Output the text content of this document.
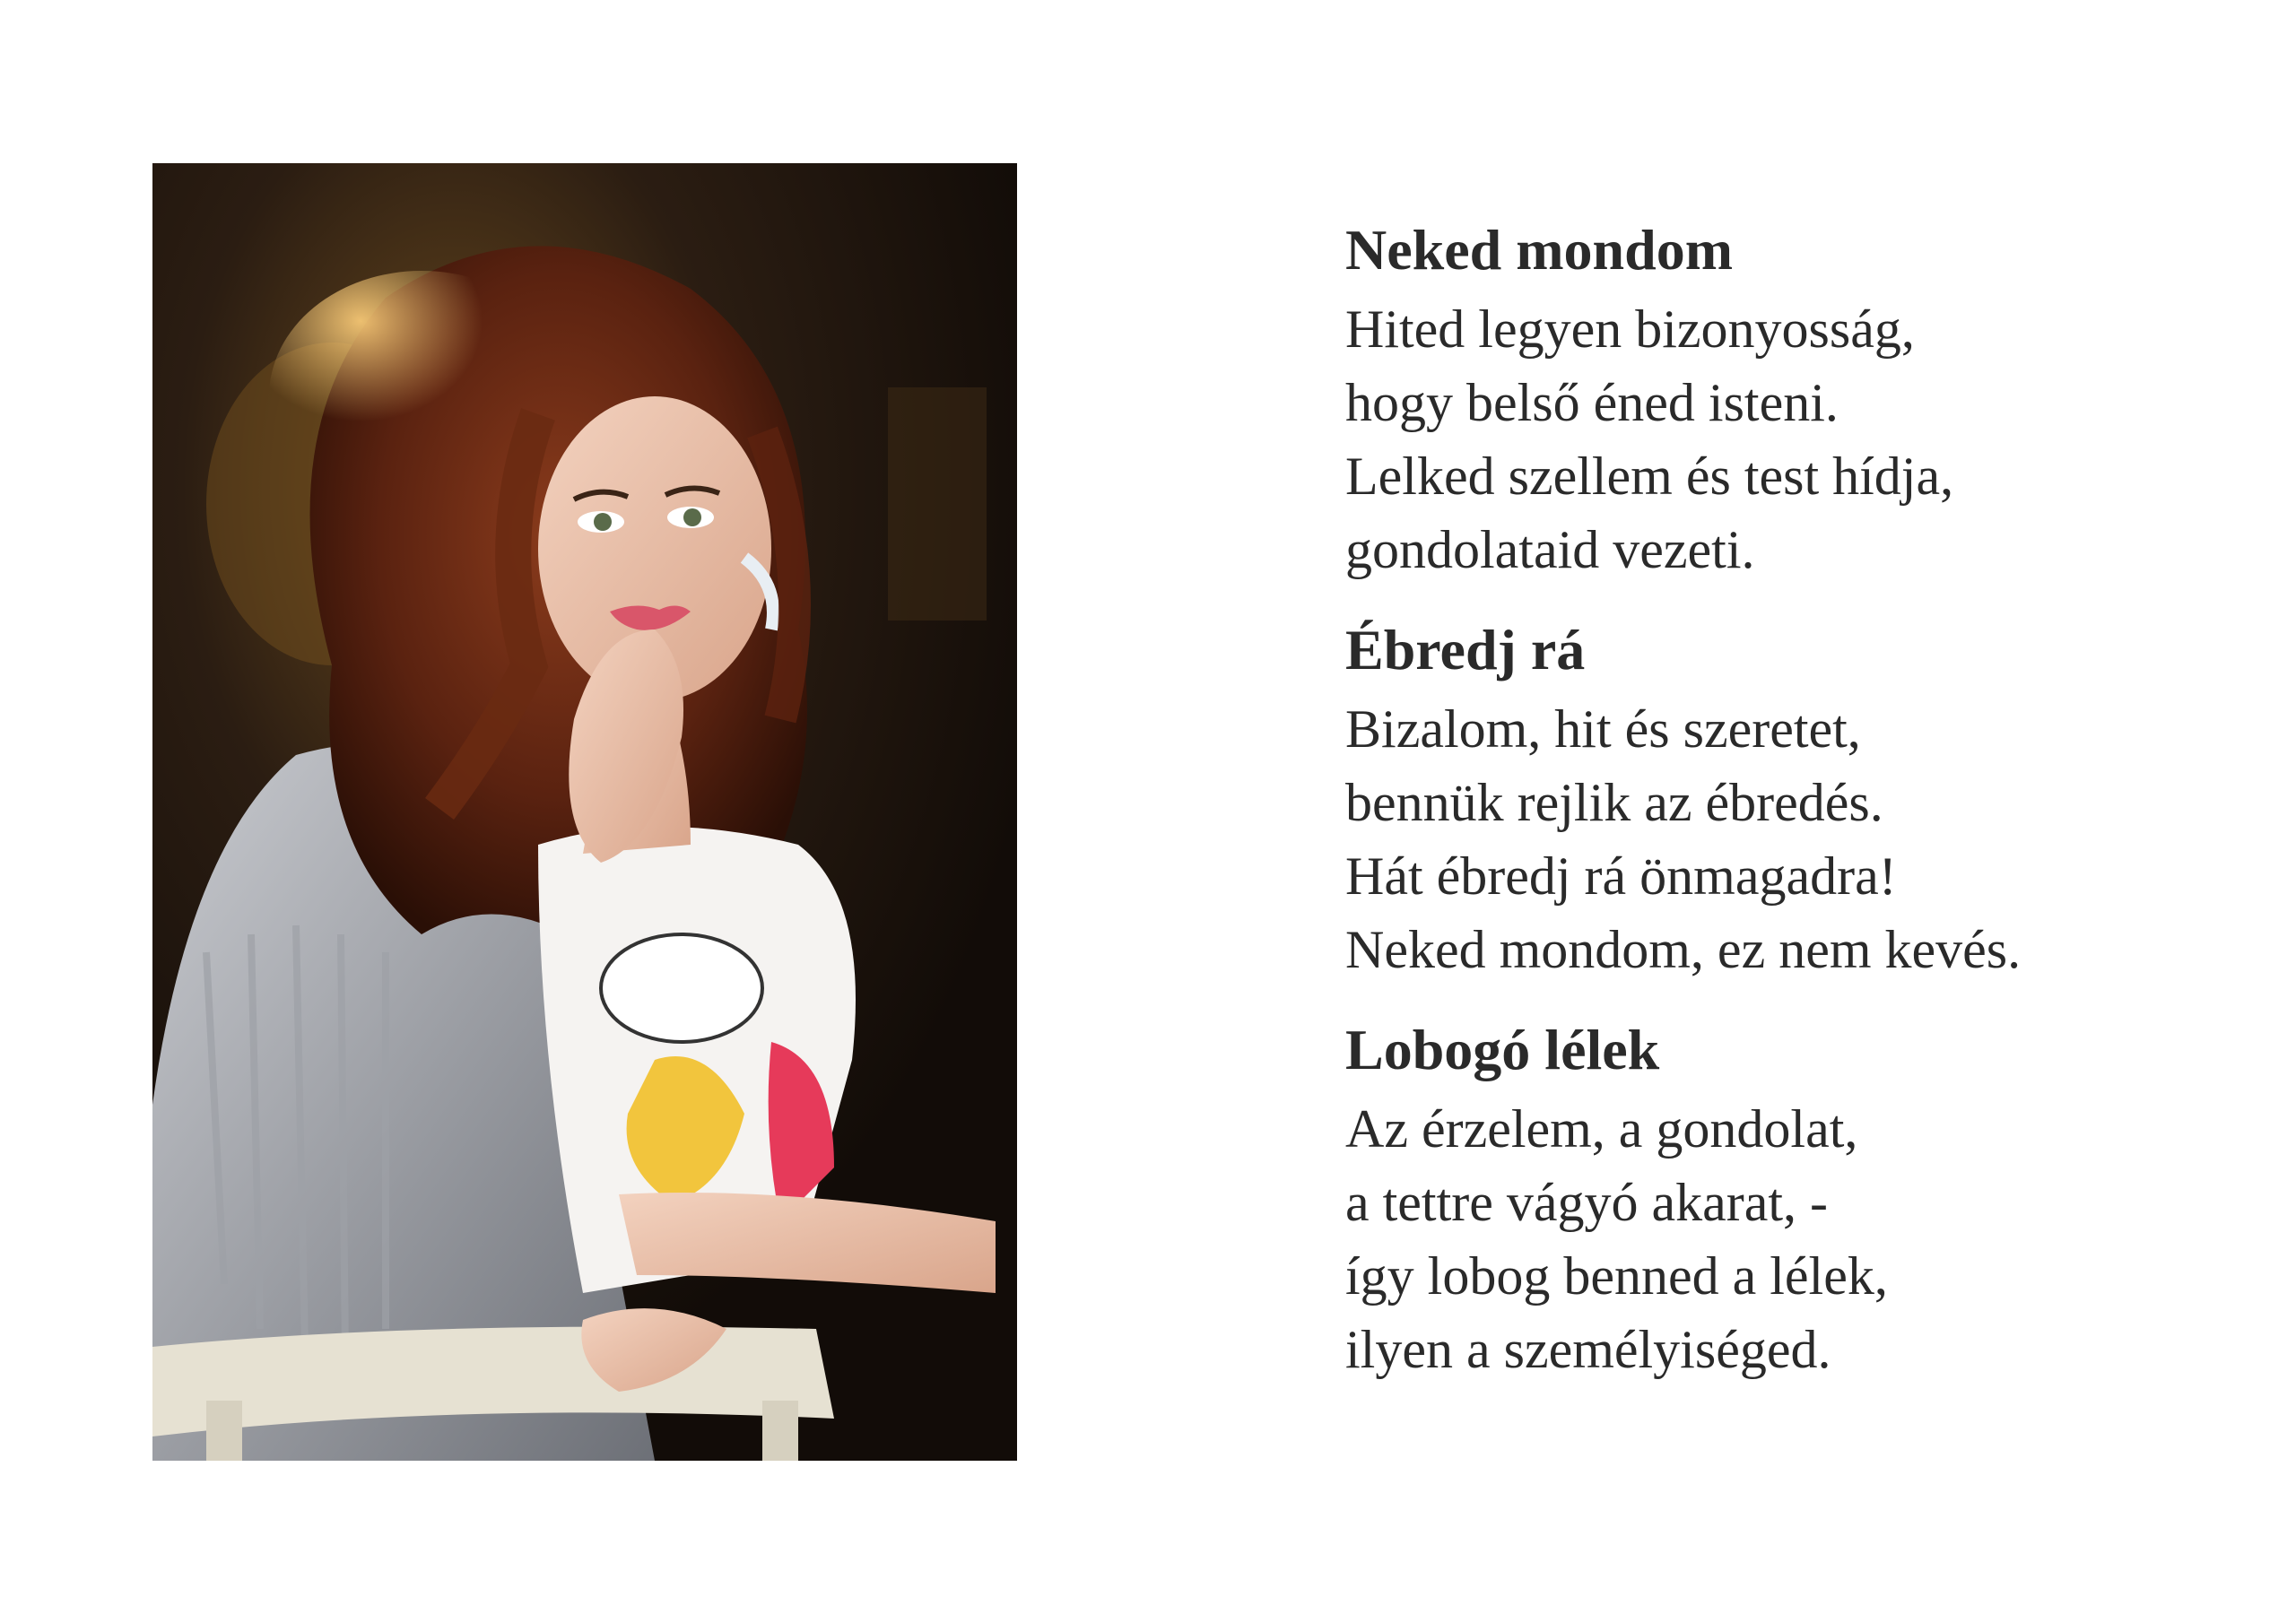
Neked mondom
Hited legyen bizonyosság,
hogy belső éned isteni.
Lelked szellem és test hídja,
gondolataid vezeti.
Ébredj rá
Bizalom, hit és szeretet,
bennük rejlik az ébredés.
Hát ébredj rá önmagadra!
Neked mondom, ez nem kevés.
Lobogó lélek
Az érzelem, a gondolat,
a tettre vágyó akarat, -
így lobog benned a lélek,
ilyen a személyiséged.
